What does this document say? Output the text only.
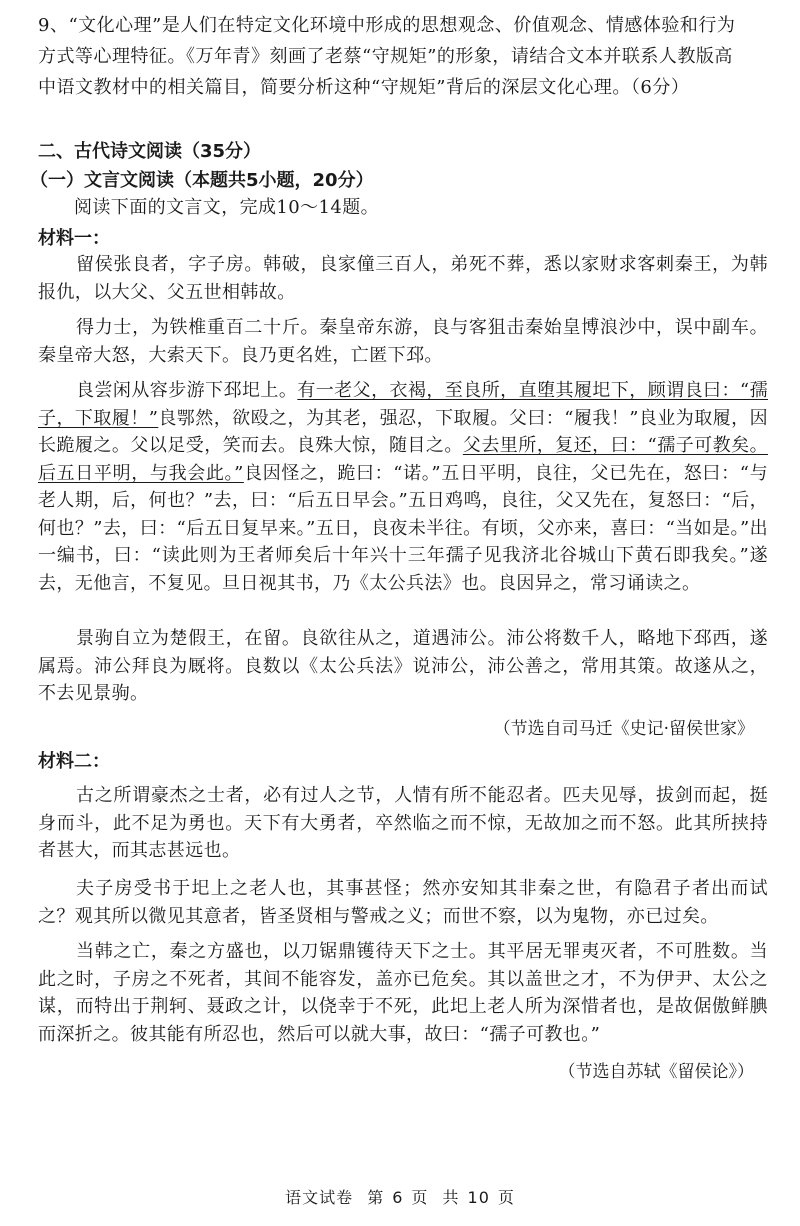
9、“文化心理”是人们在特定文化环境中形成的思想观念、价值观念、情感体验和行为
方式等心理特征。《万年青》刻画了老蔡“守规矩”的形象，请结合文本并联系人教版高
中语文教材中的相关篇目，简要分析这种“守规矩”背后的深层文化心理。（6分）
二、古代诗文阅读（35分）
（一）文言文阅读（本题共5小题，20分）
阅读下面的文言文，完成10～14题。
材料一：

留侯张良者，字子房。韩破，良家僮三百人，弟死不葬，悉以家财求客刺秦王，为韩报仇，以大父、父五世相韩故。

得力士，为铁椎重百二十斤。秦皇帝东游，良与客狙击秦始皇博浪沙中，误中副车。秦皇帝大怒，大索天下。良乃更名姓，亡匿下邳。

良尝闲从容步游下邳圯上。有一老父，衣褐，至良所，直堕其履圯下，顾谓良曰：“孺子，下取履！”良鄂然，欲殴之，为其老，强忍，下取履。父曰：“履我！”良业为取履，因长跪履之。父以足受，笑而去。良殊大惊，随目之。父去里所，复还，曰：“孺子可教矣。后五日平明，与我会此。”良因怪之，跪曰：“诺。”五日平明，良往，父已先在，怒曰：“与老人期，后，何也？”去，曰：“后五日早会。”五日鸡鸣，良往，父又先在，复怒曰：“后，何也？”去，曰：“后五日复早来。”五日，良夜未半往。有顷，父亦来，喜曰：“当如是。”出一编书，曰：“读此则为王者师矣后十年兴十三年孺子见我济北谷城山下黄石即我矣。”遂去，无他言，不复见。旦日视其书，乃《太公兵法》也。良因异之，常习诵读之。

景驹自立为楚假王，在留。良欲往从之，道遇沛公。沛公将数千人，略地下邳西，遂属焉。沛公拜良为厩将。良数以《太公兵法》说沛公，沛公善之，常用其策。故遂从之，不去见景驹。

（节选自司马迁《史记·留侯世家》
材料二：

古之所谓豪杰之士者，必有过人之节，人情有所不能忍者。匹夫见辱，拔剑而起，挺身而斗，此不足为勇也。天下有大勇者，卒然临之而不惊，无故加之而不怒。此其所挟持者甚大，而其志甚远也。

夫子房受书于圯上之老人也，其事甚怪；然亦安知其非秦之世，有隐君子者出而试之？观其所以微见其意者，皆圣贤相与警戒之义；而世不察，以为鬼物，亦已过矣。

当韩之亡，秦之方盛也，以刀锯鼎镬待天下之士。其平居无罪夷灭者，不可胜数。当此之时，子房之不死者，其间不能容发，盖亦已危矣。其以盖世之才，不为伊尹、太公之谋，而特出于荆轲、聂政之计，以侥幸于不死，此圯上老人所为深惜者也，是故倨傲鲜腆而深折之。彼其能有所忍也，然后可以就大事，故曰：“孺子可教也。”

（节选自苏轼《留侯论》）
语文试卷 第 6 页 共 10 页
